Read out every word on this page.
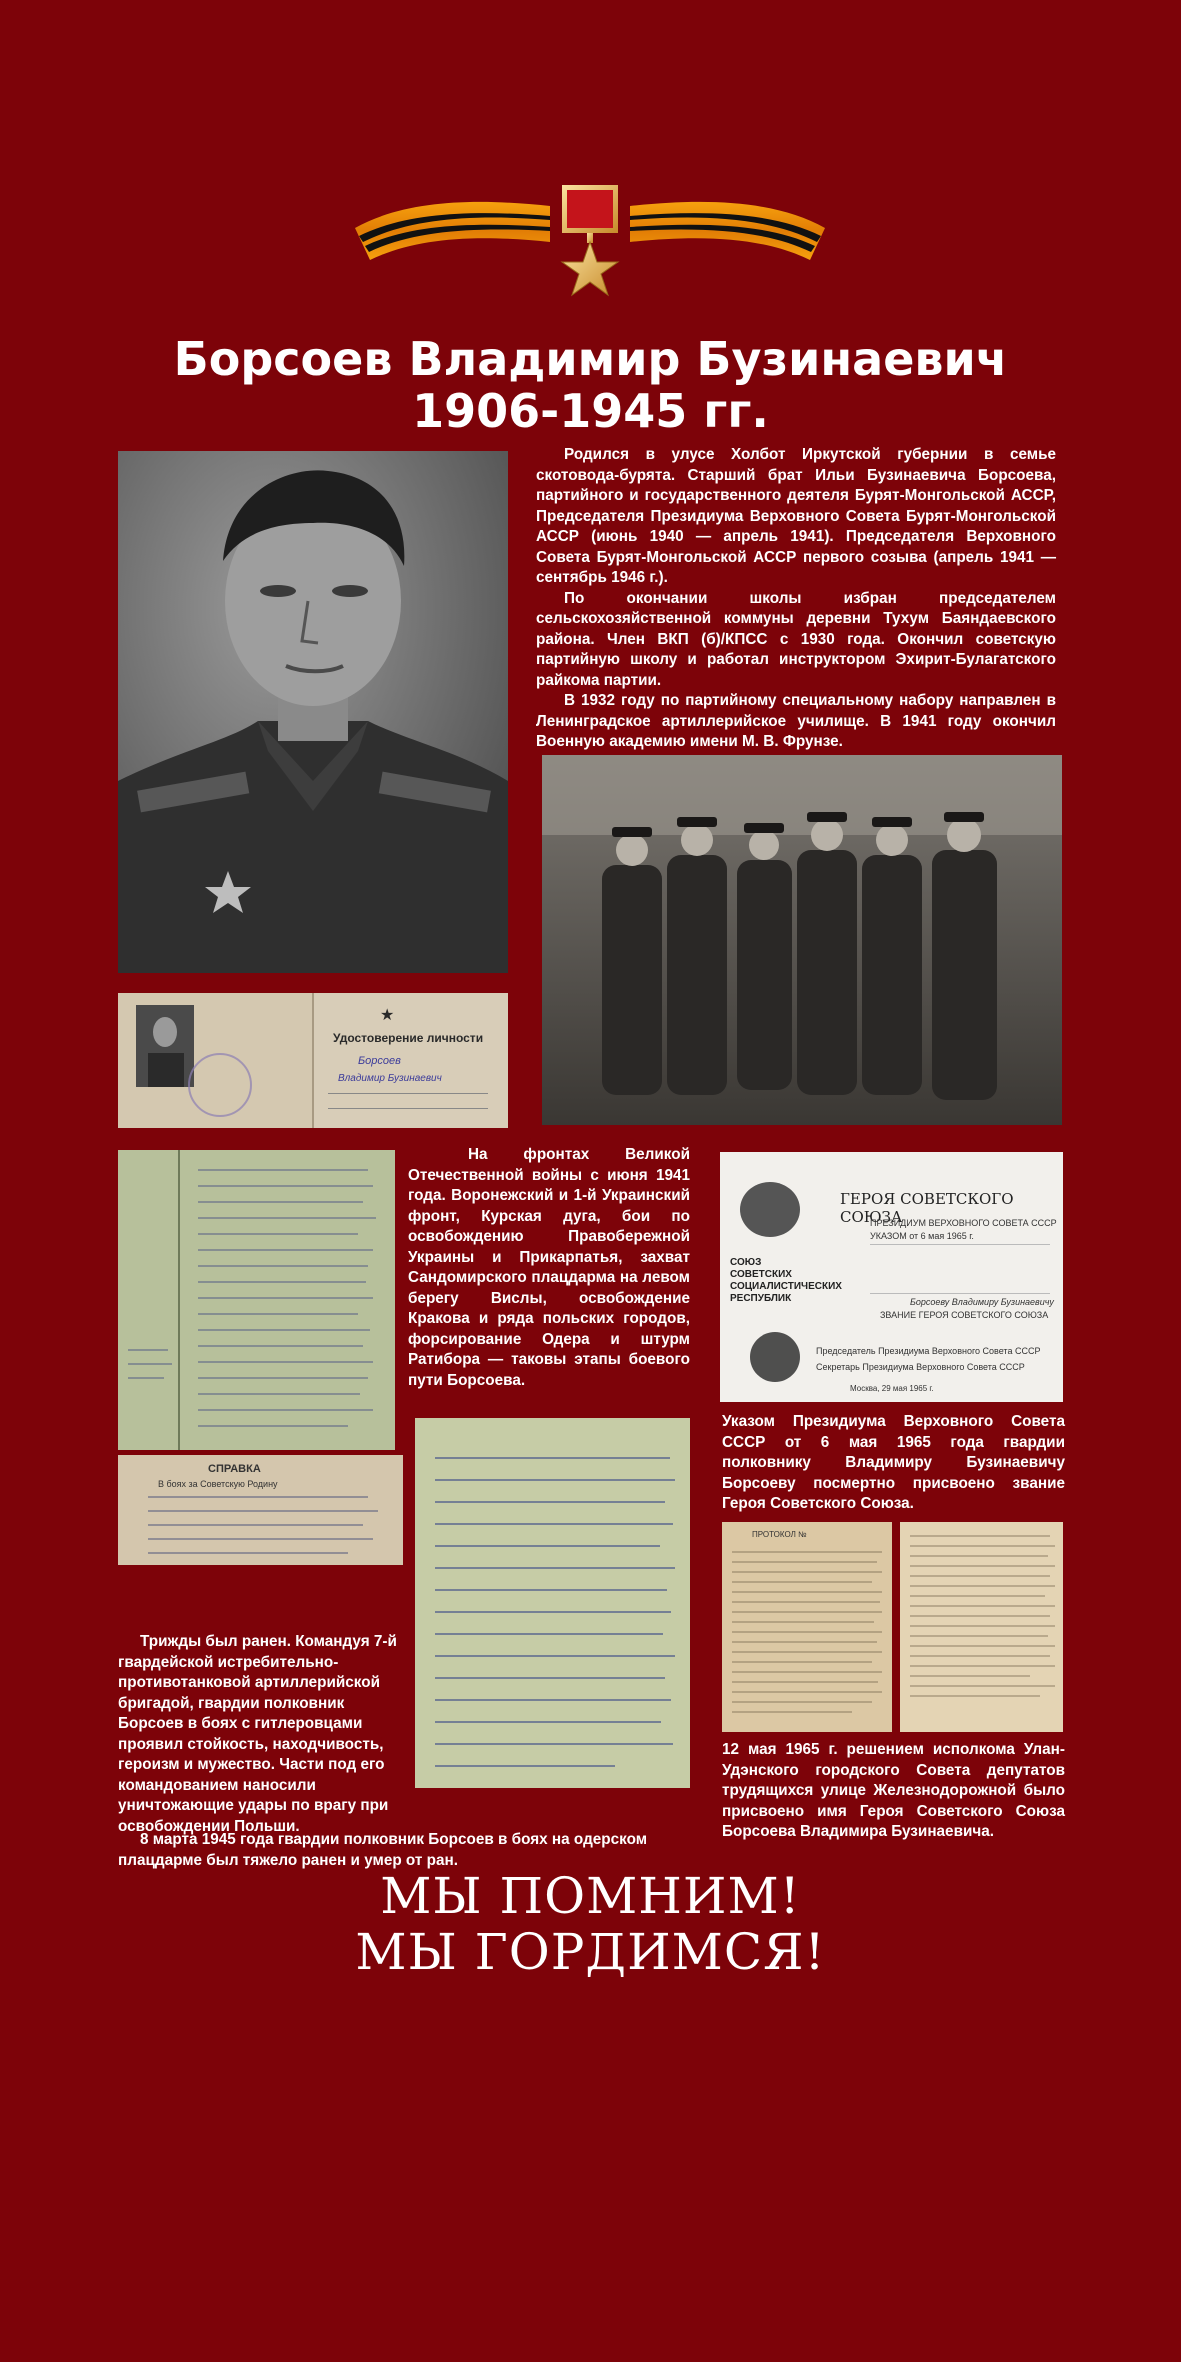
Борсоев Владимир Бузинаевич
1906-1945 гг.

Родился в улусе Холбот Иркутской губернии в семье скотовода-бурята. Старший брат Ильи Бузинаевича Борсоева, партийного и государственного деятеля Бурят-Монгольской АССР, Председателя Президиума Верховного Совета Бурят-Монгольской АССР (июнь 1940 — апрель 1941). Председателя Верховного Совета Бурят-Монгольской АССР первого созыва (апрель 1941 — сентябрь 1946 г.).

По окончании школы избран председателем сельскохозяйственной коммуны деревни Тухум Баяндаевского района. Член ВКП (б)/КПСС с 1930 года. Окончил советскую партийную школу и работал инструктором Эхирит-Булагатского райкома партии.

В 1932 году по партийному специальному набору направлен в Ленинградское артиллерийское училище. В 1941 году окончил Военную академию имени М. В. Фрунзе.

Удостоверение личности
★
Борсоев
Владимир Бузинаевич

На фронтах Великой Отечественной войны с июня 1941 года. Воронежский и 1-й Украинский фронт, Курская дуга, бои по освобождению Правобережной Украины и Прикарпатья, захват Сандомирского плацдарма на левом берегу Вислы, освобождение Кракова и ряда польских городов, форсирование Одера и штурм Ратибора — таковы этапы боевого пути Борсоева.

СОЮЗ СОВЕТСКИХ СОЦИАЛИСТИЧЕСКИХ РЕСПУБЛИК
ГЕРОЯ СОВЕТСКОГО СОЮЗА
ПРЕЗИДИУМ ВЕРХОВНОГО СОВЕТА СССР
УКАЗОМ от 6 мая 1965 г.
Борсоеву Владимиру Бузинаевичу
ЗВАНИЕ ГЕРОЯ СОВЕТСКОГО СОЮЗА
Председатель Президиума Верховного Совета СССР
Секретарь Президиума Верховного Совета СССР
Москва, 29 мая 1965 г.
СПРАВКА
В боях за Советскую Родину

Указом Президиума Верховного Совета СССР от 6 мая 1965 года гвардии полковнику Владимиру Бузинаевичу Борсоеву посмертно присвоено звание Героя Советского Союза.

ПРОТОКОЛ №

Трижды был ранен. Командуя 7-й гвардейской истребительно-противотанковой артиллерийской бригадой, гвардии полковник Борсоев в боях с гитлеровцами проявил стойкость, находчивость, героизм и мужество. Части под его командованием наносили уничтожающие удары по врагу при освобождении Польши.

8 марта 1945 года гвардии полковник Борсоев в боях на одерском плацдарме был тяжело ранен и умер от ран.

12 мая 1965 г. решением исполкома Улан-Удэнского городского Совета депутатов трудящихся улице Железнодорожной было присвоено имя Героя Советского Союза Борсоева Владимира Бузинаевича.

МЫ ПОМНИМ!
МЫ ГОРДИМСЯ!
